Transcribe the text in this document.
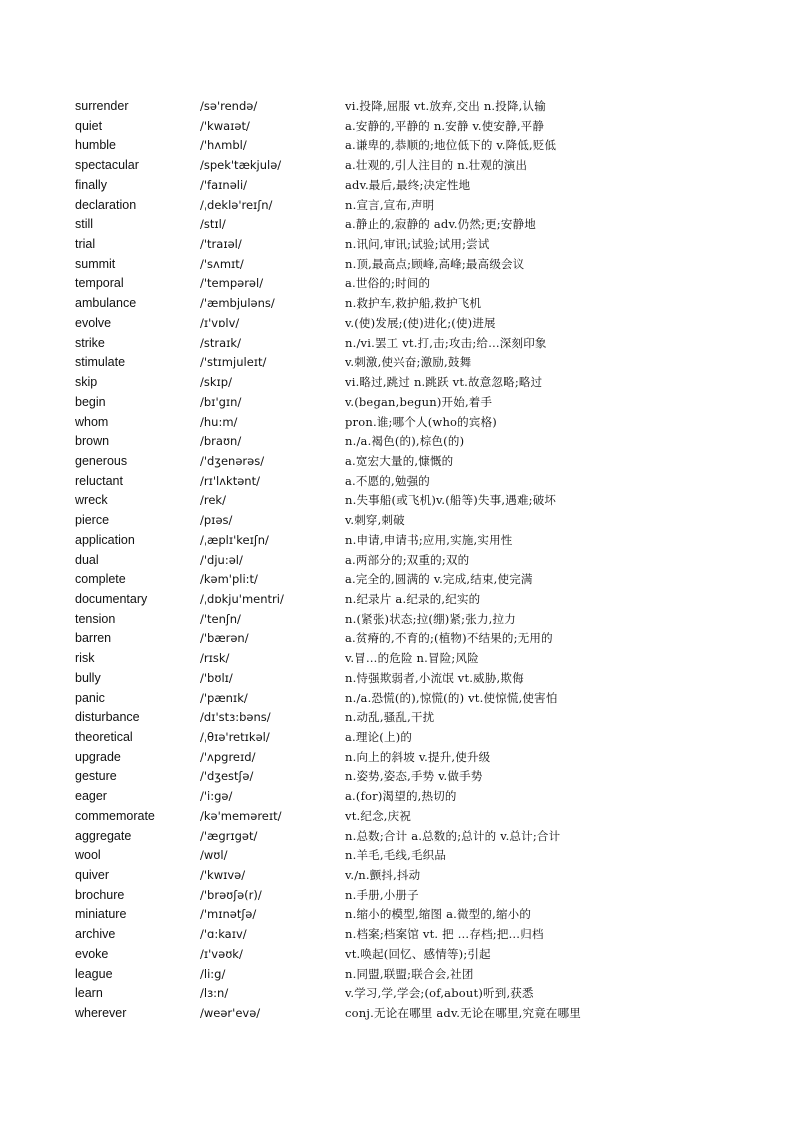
surrender	/sə'rendə/	vi.投降,屈服 vt.放弃,交出 n.投降,认输
quiet	/'kwaɪət/	a.安静的,平静的 n.安静 v.使安静,平静
humble	/'hʌmbl/	a.谦卑的,恭顺的;地位低下的 v.降低,贬低
spectacular	/spek'tækjulə/	a.壮观的,引人注目的 n.壮观的演出
finally	/'faɪnəli/	adv.最后,最终;决定性地
declaration	/ˌdeklə'reɪʃn/	n.宣言,宣布,声明
still	/stɪl/	a.静止的,寂静的 adv.仍然;更;安静地
trial	/'traɪəl/	n.讯问,审讯;试验;试用;尝试
summit	/'sʌmɪt/	n.顶,最高点;顾峰,高峰;最高级会议
temporal	/'tempərəl/	a.世俗的;时间的
ambulance	/'æmbjuləns/	n.救护车,救护船,救护飞机
evolve	/ɪ'vɒlv/	v.(使)发展;(使)进化;(使)进展
strike	/straɪk/	n./vi.罢工 vt.打,击;攻击;给…深刻印象
stimulate	/'stɪmjuleɪt/	v.刺激,使兴奋;激励,鼓舞
skip	/skɪp/	vi.略过,跳过 n.跳跃 vt.故意忽略;略过
begin	/bɪ'gɪn/	v.(began,begun)开始,着手
whom	/hu:m/	pron.谁;哪个人(who的宾格)
brown	/braʊn/	n./a.褐色(的),棕色(的)
generous	/'dʒenərəs/	a.宽宏大量的,慷慨的
reluctant	/rɪ'lʌktənt/	a.不愿的,勉强的
wreck	/rek/	n.失事船(或飞机)v.(船等)失事,遇难;破坏
pierce	/pɪəs/	v.刺穿,刺破
application	/ˌæplɪ'keɪʃn/	n.申请,申请书;应用,实施,实用性
dual	/'dju:əl/	a.两部分的;双重的;双的
complete	/kəm'pli:t/	a.完全的,圆满的 v.完成,结束,使完满
documentary	/ˌdɒkju'mentri/	n.纪录片 a.纪录的,纪实的
tension	/'tenʃn/	n.(紧张)状态;拉(绷)紧;张力,拉力
barren	/'bærən/	a.贫瘠的,不育的;(植物)不结果的;无用的
risk	/rɪsk/	v.冒…的危险 n.冒险;风险
bully	/'bʊlɪ/	n.恃强欺弱者,小流氓 vt.威胁,欺侮
panic	/'pænɪk/	n./a.恐慌(的),惊慌(的) vt.使惊慌,使害怕
disturbance	/dɪ'stɜ:bəns/	n.动乱,骚乱,干扰
theoretical	/ˌθɪə'retɪkəl/	a.理论(上)的
upgrade	/'ʌpgreɪd/	n.向上的斜坡 v.提升,使升级
gesture	/'dʒestʃə/	n.姿势,姿态,手势 v.做手势
eager	/'i:gə/	a.(for)渴望的,热切的
commemorate	/kə'meməreɪt/	vt.纪念,庆祝
aggregate	/'ægrɪgət/	n.总数;合计 a.总数的;总计的 v.总计;合计
wool	/wʊl/	n.羊毛,毛线,毛织品
quiver	/'kwɪvə/	v./n.颤抖,抖动
brochure	/'brəʊʃə(r)/	n.手册,小册子
miniature	/'mɪnətʃə/	n.缩小的模型,缩图 a.微型的,缩小的
archive	/'ɑ:kaɪv/	n.档案;档案馆 vt. 把 …存档;把…归档
evoke	/ɪ'vəʊk/	vt.唤起(回忆、感情等);引起
league	/li:g/	n.同盟,联盟;联合会,社团
learn	/lɜ:n/	v.学习,学,学会;(of,about)听到,获悉
wherever	/weər'evə/	conj.无论在哪里 adv.无论在哪里,究竟在哪里
